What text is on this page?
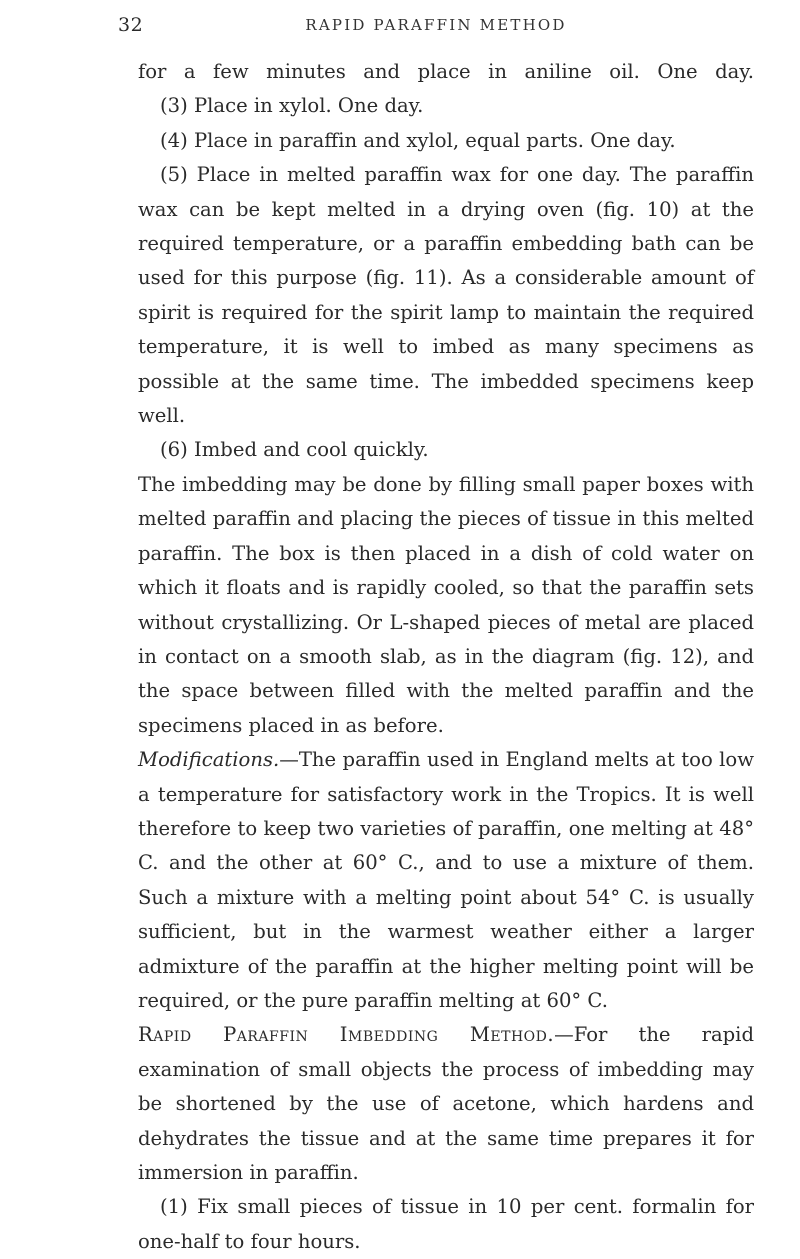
32	RAPID PARAFFIN METHOD

for a few minutes and place in aniline oil. One day.

(3) Place in xylol. One day.

(4) Place in paraffin and xylol, equal parts. One day.

(5) Place in melted paraffin wax for one day. The paraffin wax can be kept melted in a drying oven (fig. 10) at the required temperature, or a paraffin embedding bath can be used for this purpose (fig. 11). As a considerable amount of spirit is required for the spirit lamp to maintain the required temperature, it is well to imbed as many specimens as possible at the same time. The imbedded specimens keep well.

(6) Imbed and cool quickly.

The imbedding may be done by filling small paper boxes with melted paraffin and placing the pieces of tissue in this melted paraffin. The box is then placed in a dish of cold water on which it floats and is rapidly cooled, so that the paraffin sets without crystallizing. Or L-shaped pieces of metal are placed in contact on a smooth slab, as in the diagram (fig. 12), and the space between filled with the melted paraffin and the specimens placed in as before.

Modifications.—The paraffin used in England melts at too low a temperature for satisfactory work in the Tropics. It is well therefore to keep two varieties of paraffin, one melting at 48° C. and the other at 60° C., and to use a mixture of them. Such a mixture with a melting point about 54° C. is usually sufficient, but in the warmest weather either a larger admixture of the paraffin at the higher melting point will be required, or the pure paraffin melting at 60° C.

Rapid Paraffin Imbedding Method.—For the rapid examination of small objects the process of imbedding may be shortened by the use of acetone, which hardens and dehydrates the tissue and at the same time prepares it for immersion in paraffin.

(1) Fix small pieces of tissue in 10 per cent. formalin for one-half to four hours.
